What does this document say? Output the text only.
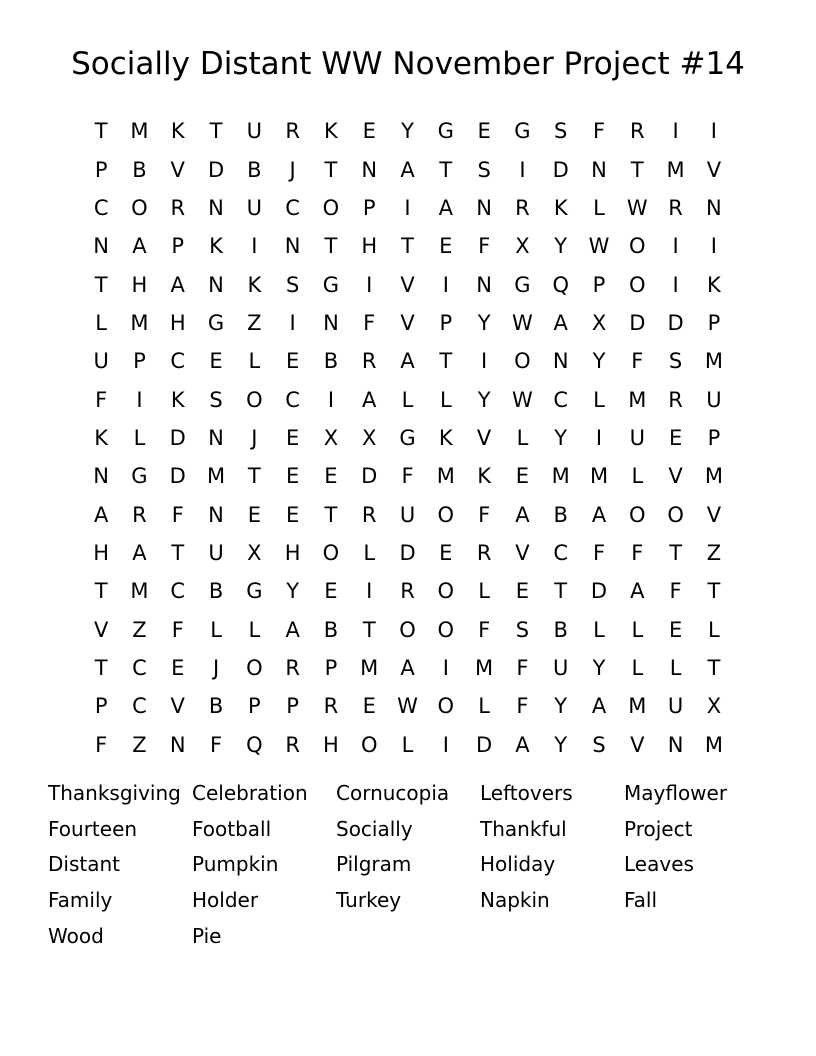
Socially Distant WW November Project #14
T	M	K	T	U	R	K	E	Y	G	E	G	S	F	R	I	I
P	B	V	D	B	J	T	N	A	T	S	I	D	N	T	M	V
C	O	R	N	U	C	O	P	I	A	N	R	K	L	W R	N
N	A	P	K	I	N	T	H	T	E	F	X	Y	W O	I	I
T	H	A	N	K	S	G	I	V	I	N	G	Q	P	O	I	K
L	M	H	G	Z	I	N	F	V	P	Y	W A	X	D	D	P
U	P	C	E	L	E	B	R	A	T	I	O	N	Y	F	S	M
F	I	K	S	O	C	I	A	L	L	Y	W C	L	M	R	U
K	L	D	N	J	E	X	X	G	K	V	L	Y	I	U	E	P
N	G	D	M	T	E	E	D	F	M	K	E	M M	L	V	M
A	R	F	N	E	E	T	R	U	O	F	A	B	A	O	O	V
H	A	T	U	X	H	O	L	D	E	R	V	C	F	F	T	Z
T	M	C	B	G	Y	E	I	R	O	L	E	T	D	A	F	T
V	Z	F	L	L	A	B	T	O	O	F	S	B	L	L	E	L
T	C	E	J	O	R	P	M	A	I	M	F	U	Y	L	L	T
P	C	V	B	P	P	R	E	W O	L	F	Y	A	M	U	X
F	Z	N	F	Q	R	H	O	L	I	D	A	Y	S	V	N	M
Thanksgiving Celebration	Cornucopia	Leftovers	Mayflower
Fourteen	Football	Socially	Thankful	Project
Distant	Pumpkin	Pilgram	Holiday	Leaves
Family	Holder	Turkey	Napkin	Fall
Wood	Pie
